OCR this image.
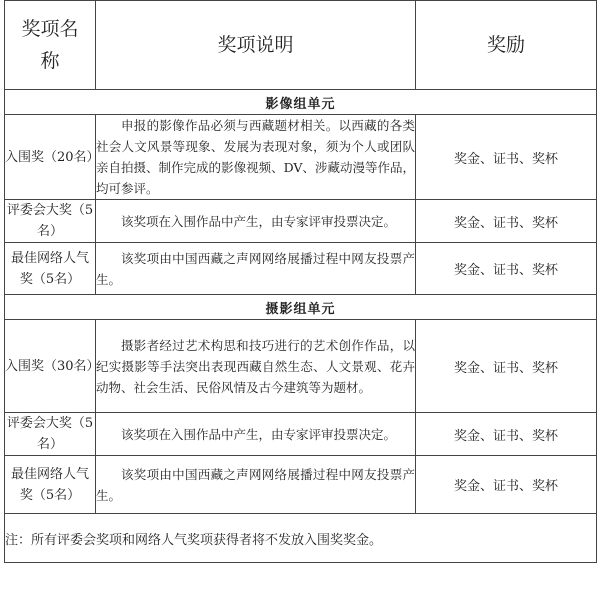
奖项名称	奖项说明	奖励
影像组单元		
入围奖（20名）	申报的影像作品必须与西藏题材相关。以西藏的各类社会人文风景等现象、发展为表现对象，须为个人或团队亲自拍摄、制作完成的影像视频、DV、涉藏动漫等作品，均可参评。	奖金、证书、奖杯
评委会大奖（5名）	该奖项在入围作品中产生，由专家评审投票决定。	奖金、证书、奖杯
最佳网络人气奖（5名）	该奖项由中国西藏之声网网络展播过程中网友投票产生。	奖金、证书、奖杯
摄影组单元		
入围奖（30名）	摄影者经过艺术构思和技巧进行的艺术创作作品，以纪实摄影等手法突出表现西藏自然生态、人文景观、花卉动物、社会生活、民俗风情及古今建筑等为题材。	奖金、证书、奖杯
评委会大奖（5名）	该奖项在入围作品中产生，由专家评审投票决定。	奖金、证书、奖杯
最佳网络人气奖（5名）	该奖项由中国西藏之声网网络展播过程中网友投票产生。	奖金、证书、奖杯
注：所有评委会奖项和网络人气奖项获得者将不发放入围奖奖金。		
